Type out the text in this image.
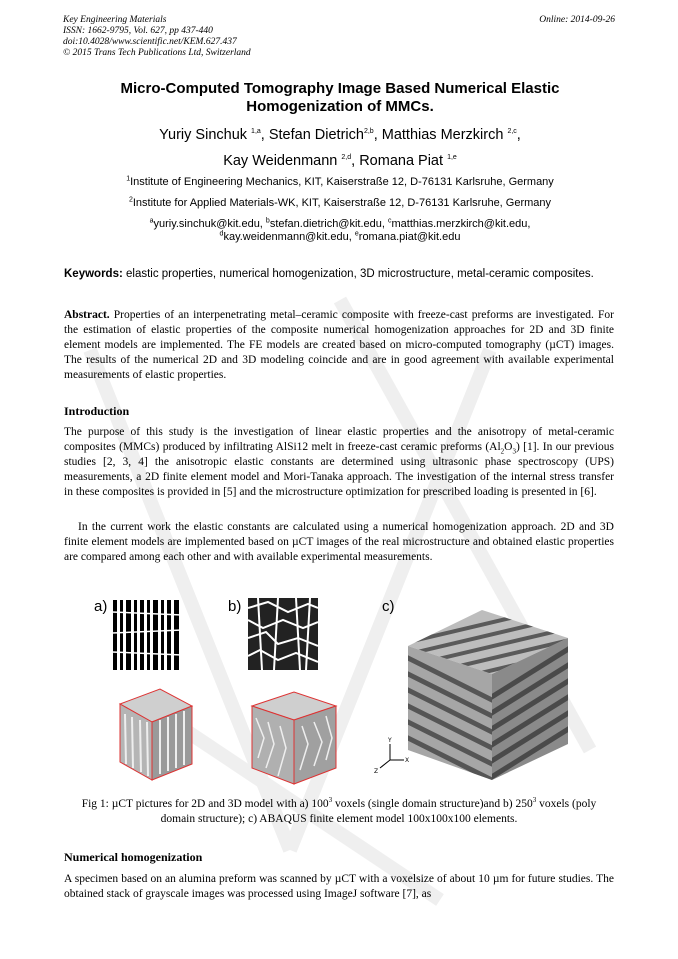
Key Engineering Materials
ISSN: 1662-9795, Vol. 627, pp 437-440
doi:10.4028/www.scientific.net/KEM.627.437
© 2015 Trans Tech Publications Ltd, Switzerland
Online: 2014-09-26
Micro-Computed Tomography Image Based Numerical Elastic
Homogenization of MMCs.
Yuriy Sinchuk $^{1,a}$, Stefan Dietrich$^{2,b}$, Matthias Merzkirch $^{2,c}$,
Kay Weidenmann $^{2,d}$, Romana Piat $^{1,e}$
$^1$Institute of Engineering Mechanics, KIT, Kaiserstraße 12, D-76131 Karlsruhe, Germany
$^2$Institute for Applied Materials-WK, KIT, Kaiserstraße 12, D-76131 Karlsruhe, Germany
$^a$yuriy.sinchuk@kit.edu, $^b$stefan.dietrich@kit.edu, $^c$matthias.merzkirch@kit.edu,
$^d$kay.weidenmann@kit.edu, $^e$romana.piat@kit.edu
Keywords: elastic properties, numerical homogenization, 3D microstructure, metal-ceramic composites.
Abstract. Properties of an interpenetrating metal–ceramic composite with freeze-cast preforms are investigated. For the estimation of elastic properties of the composite numerical homogenization approaches for 2D and 3D finite element models are implemented. The FE models are created based on micro-computed tomography (µCT) images. The results of the numerical 2D and 3D modeling coincide and are in good agreement with available experimental measurements of elastic properties.
Introduction
The purpose of this study is the investigation of linear elastic properties and the anisotropy of metal-ceramic composites (MMCs) produced by infiltrating AlSi12 melt in freeze-cast ceramic preforms $(Al_2O_3)$ [1]. In our previous studies [2, 3, 4] the anisotropic elastic constants are determined using ultrasonic phase spectroscopy (UPS) measurements, a 2D finite element model and Mori-Tanaka approach. The investigation of the internal stress transfer in these composites is provided in [5] and the microstructure optimization for prescribed loading is presented in [6].
In the current work the elastic constants are calculated using a numerical homogenization approach. 2D and 3D finite element models are implemented based on µCT images of the real microstructure and obtained elastic properties are compared among each other and with available experimental measurements.
a)	b)	c)
Y
Z
X
Fig 1: µCT pictures for 2D and 3D model with a) $100^3$ voxels (single domain structure)and b) $250^3$ voxels (poly domain structure); c) ABAQUS finite element model 100x100x100 elements.
Numerical homogenization
A specimen based on an alumina preform was scanned by µCT with a voxelsize of about 10 µm for future studies. The obtained stack of grayscale images was processed using ImageJ software [7], as
